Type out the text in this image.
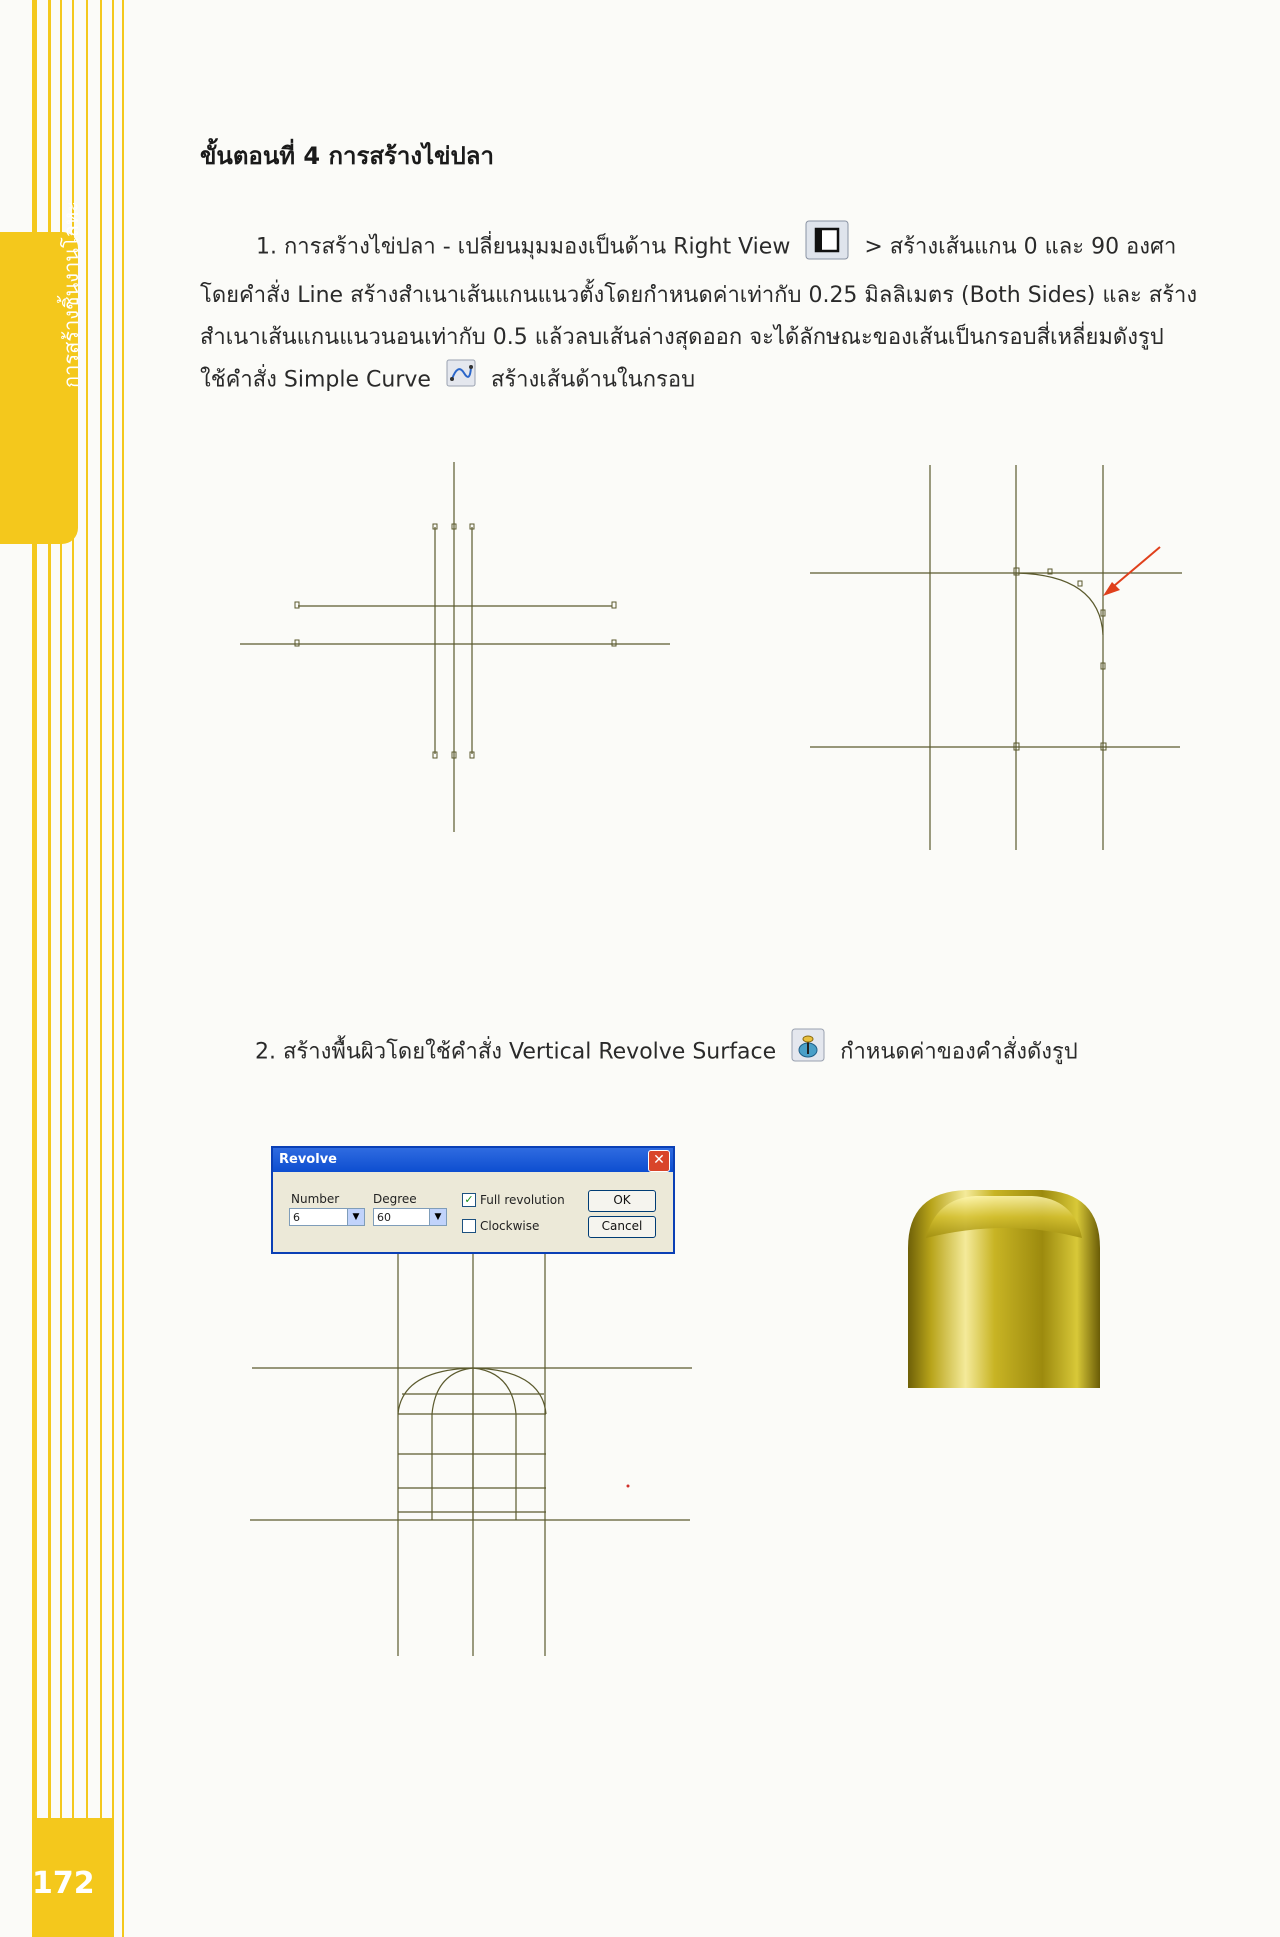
การสร้างชิ้นงานโลหะ
172
ขั้นตอนที่ 4 การสร้างไข่ปลา

1. การสร้างไข่ปลา - เปลี่ยนมุมมองเป็นด้าน Right View	> สร้างเส้นแกน 0 และ 90 องศา

โดยคำสั่ง Line สร้างสำเนาเส้นแกนแนวตั้งโดยกำหนดค่าเท่ากับ 0.25 มิลลิเมตร (Both Sides) และ สร้าง

สำเนาเส้นแกนแนวนอนเท่ากับ 0.5 แล้วลบเส้นล่างสุดออก จะได้ลักษณะของเส้นเป็นกรอบสี่เหลี่ยมดังรูป

ใช้คำสั่ง Simple Curve	สร้างเส้นด้านในกรอบ

2. สร้างพื้นผิวโดยใช้คำสั่ง Vertical Revolve Surface	กำหนดค่าของคำสั่งดังรูป

Revolve	✕
Number
6	▼
Degree
60	▼
✓ Full revolution
Clockwise
OK
Cancel
